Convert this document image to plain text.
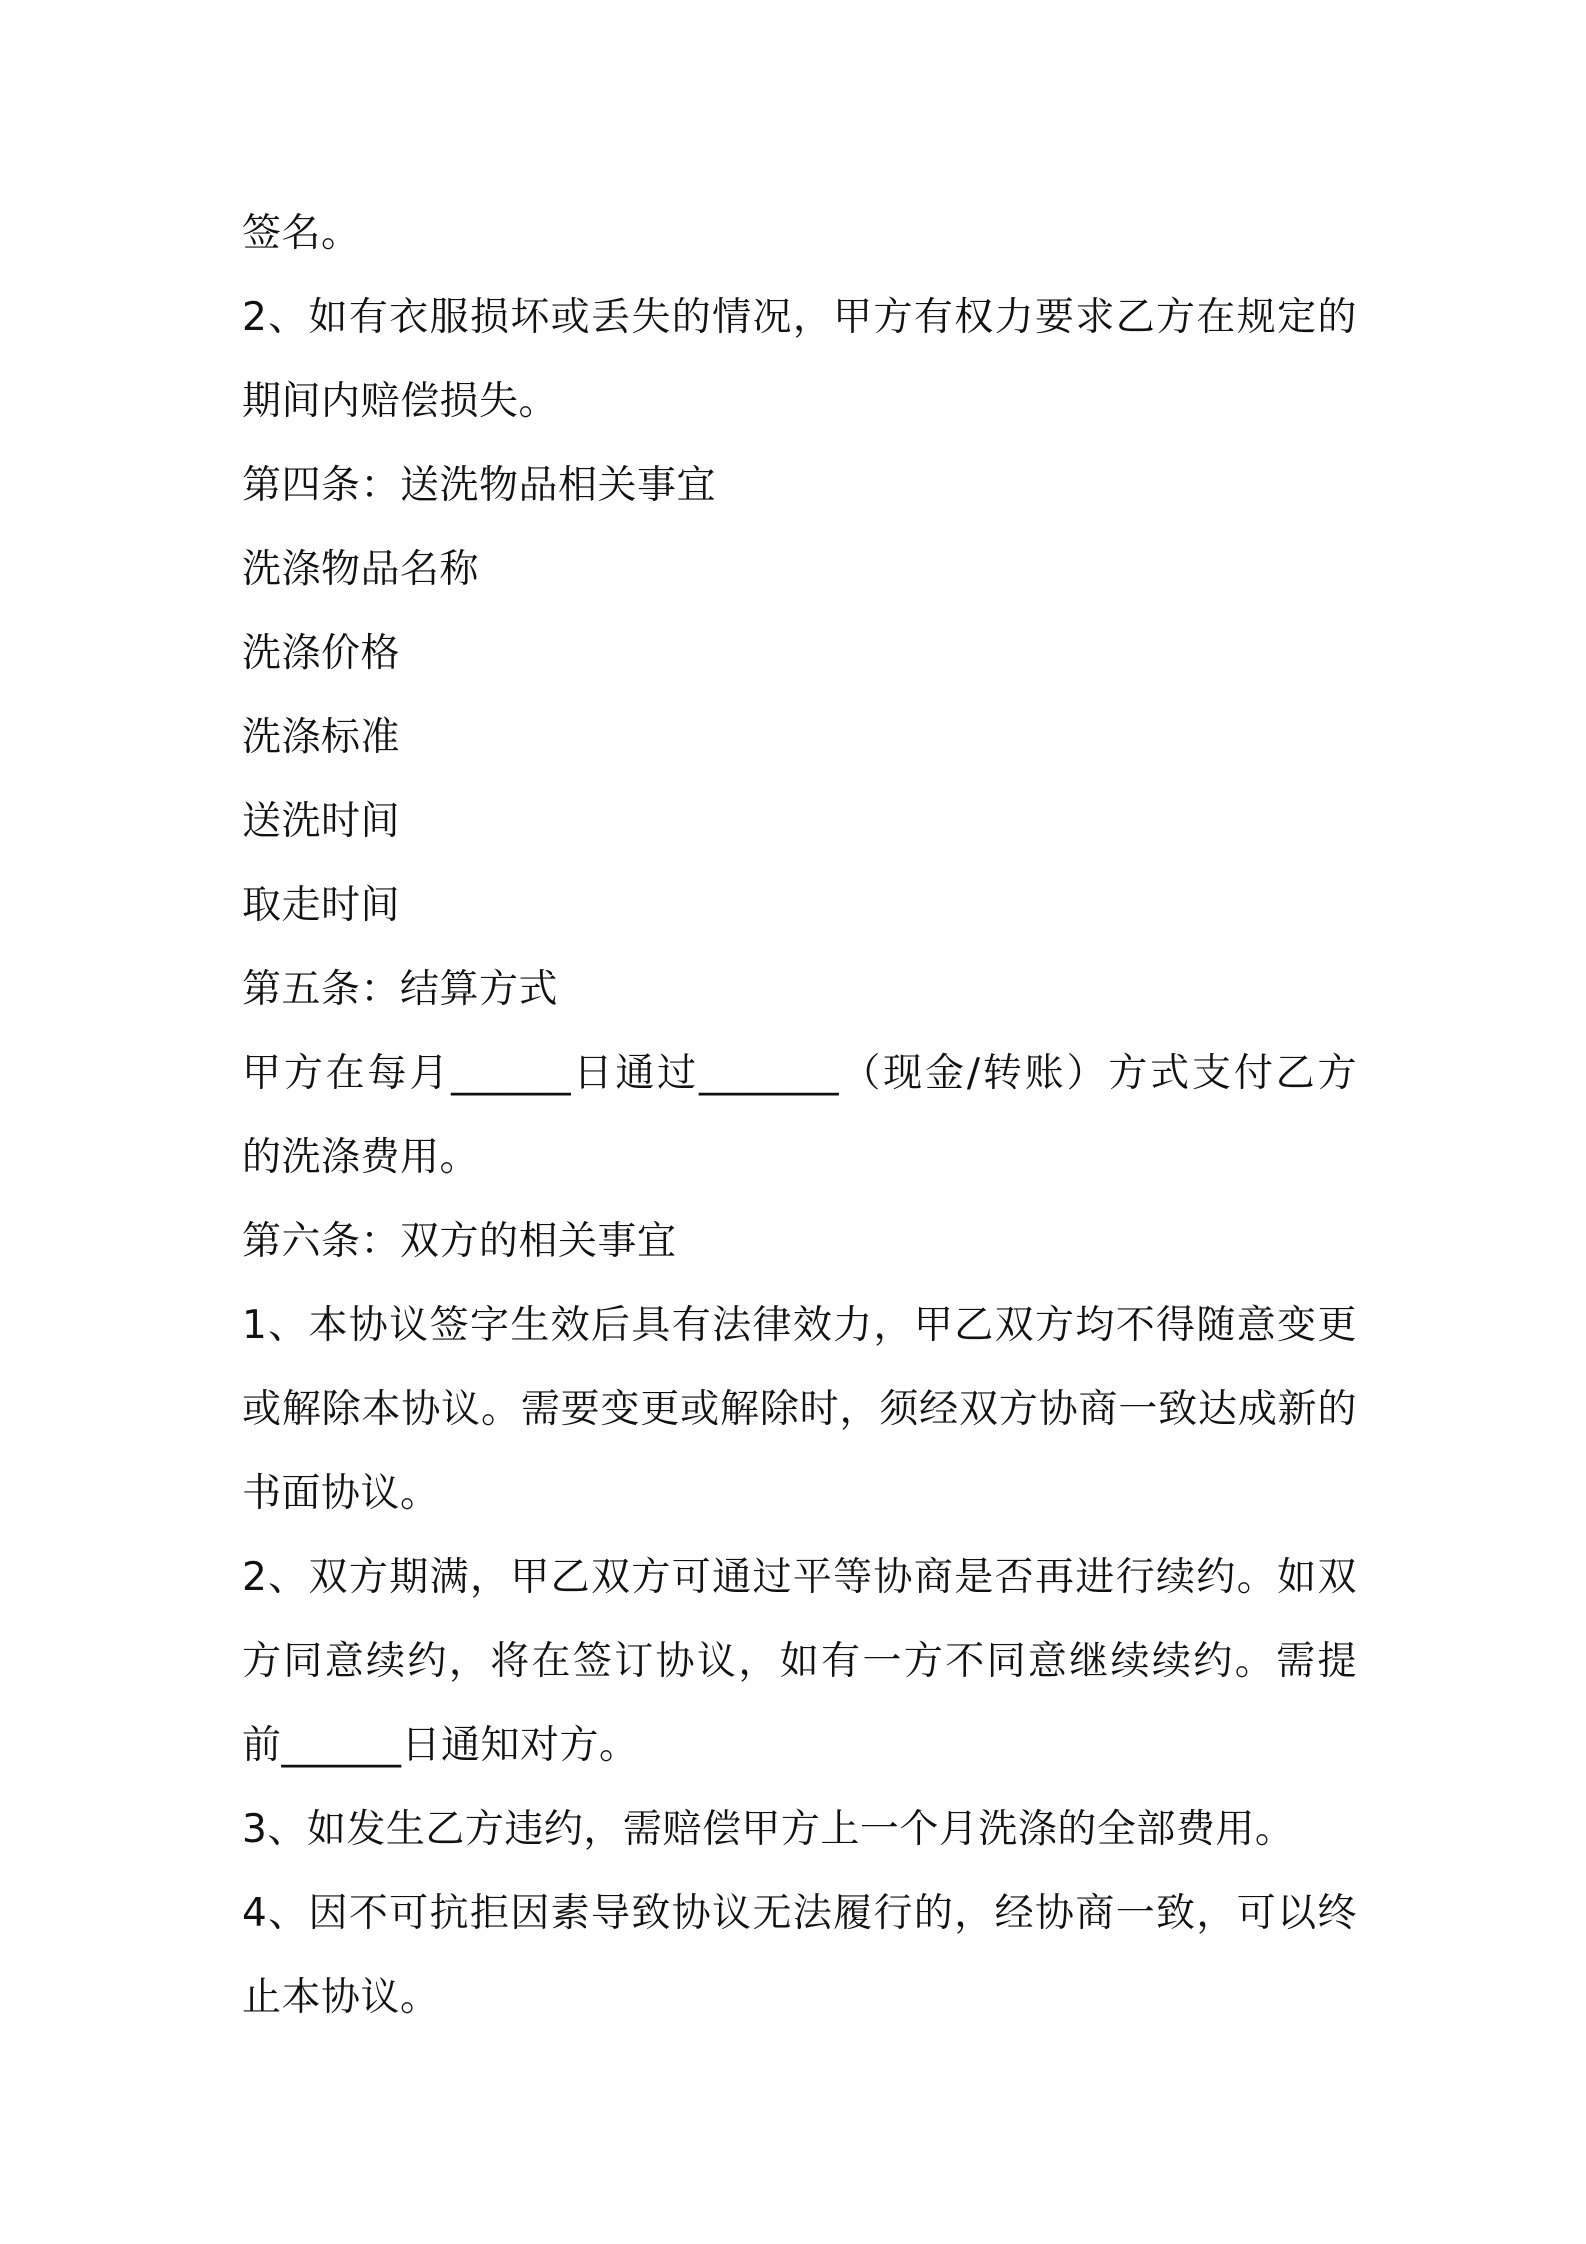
签名。
2、如有衣服损坏或丢失的情况，甲方有权力要求乙方在规定的
期间内赔偿损失。
第四条：送洗物品相关事宜
洗涤物品名称
洗涤价格
洗涤标准
送洗时间
取走时间
第五条：结算方式
甲方在每月______日通过_______（现金/转账）方式支付乙方
的洗涤费用。
第六条：双方的相关事宜
1、本协议签字生效后具有法律效力，甲乙双方均不得随意变更
或解除本协议。需要变更或解除时，须经双方协商一致达成新的
书面协议。
2、双方期满，甲乙双方可通过平等协商是否再进行续约。如双
方同意续约，将在签订协议，如有一方不同意继续续约。需提
前______日通知对方。
3、如发生乙方违约，需赔偿甲方上一个月洗涤的全部费用。
4、因不可抗拒因素导致协议无法履行的，经协商一致，可以终
止本协议。
